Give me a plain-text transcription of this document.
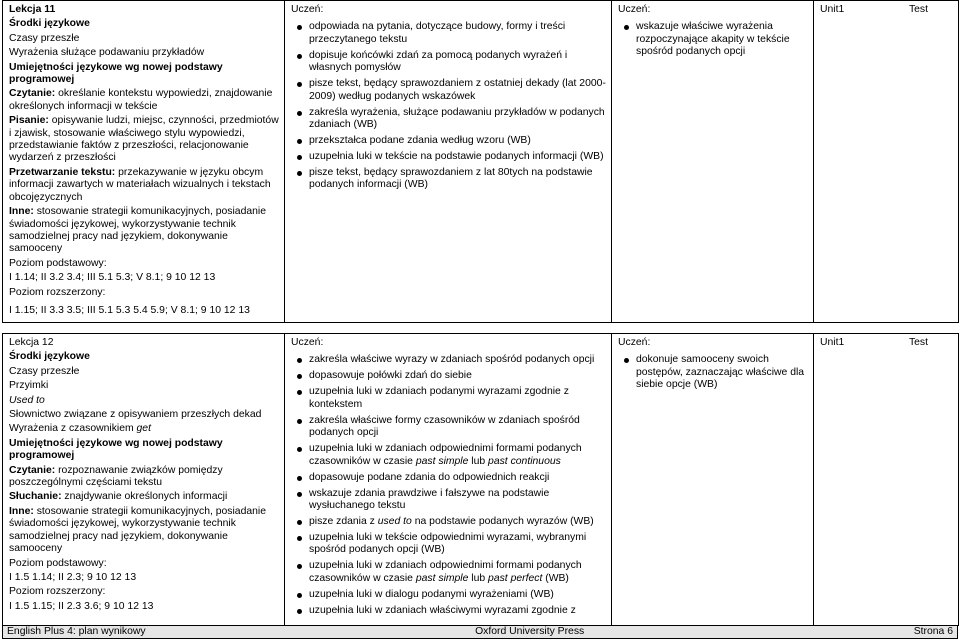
Lekcja 11
Środki językowe
Czasy przeszłe
Wyrażenia służące podawaniu przykładów
Umiejętności językowe wg nowej podstawy programowej
Czytanie: określanie kontekstu wypowiedzi, znajdowanie określonych informacji w tekście
Pisanie: opisywanie ludzi, miejsc, czynności, przedmiotów i zjawisk, stosowanie właściwego stylu wypowiedzi, przedstawianie faktów z przeszłości, relacjonowanie wydarzeń z przeszłości
Przetwarzanie tekstu: przekazywanie w języku obcym informacji zawartych w materiałach wizualnych i tekstach obcojęzycznych
Inne: stosowanie strategii komunikacyjnych, posiadanie świadomości językowej, wykorzystywanie technik samodzielnej pracy nad językiem, dokonywanie samooceny
Poziom podstawowy:
I 1.14; II 3.2 3.4; III 5.1 5.3; V 8.1; 9 10 12 13
Poziom rozszerzony:
I 1.15; II 3.3 3.5; III 5.1 5.3 5.4 5.9; V 8.1; 9 10 12 13

Uczeń:
odpowiada na pytania, dotyczące budowy, formy i treści przeczytanego tekstu
dopisuje końcówki zdań za pomocą podanych wyrażeń i własnych pomysłów
pisze tekst, będący sprawozdaniem z ostatniej dekady (lat 2000-2009) według podanych wskazówek
zakreśla wyrażenia, służące podawaniu przykładów w podanych zdaniach (WB)
przekształca podane zdania według wzoru (WB)
uzupełnia luki w tekście na podstawie podanych informacji (WB)
pisze tekst, będący sprawozdaniem z lat 80tych na podstawie podanych informacji (WB)

Uczeń:
wskazuje właściwe wyrażenia rozpoczynające akapity w tekście spośród podanych opcji

Unit1	Test
Lekcja 12
Środki językowe
Czasy przeszłe
Przyimki
Used to
Słownictwo związane z opisywaniem przeszłych dekad
Wyrażenia z czasownikiem get
Umiejętności językowe wg nowej podstawy programowej
Czytanie: rozpoznawanie związków pomiędzy poszczególnymi częściami tekstu
Słuchanie: znajdywanie określonych informacji
Inne: stosowanie strategii komunikacyjnych, posiadanie świadomości językowej, wykorzystywanie technik samodzielnej pracy nad językiem, dokonywanie samooceny
Poziom podstawowy:
I 1.5 1.14; II 2.3; 9 10 12 13
Poziom rozszerzony:
I 1.5 1.15; II 2.3 3.6; 9 10 12 13

Uczeń:
zakreśla właściwe wyrazy w zdaniach spośród podanych opcji
dopasowuje połówki zdań do siebie
uzupełnia luki w zdaniach podanymi wyrazami zgodnie z kontekstem
zakreśla właściwe formy czasowników w zdaniach spośród podanych opcji
uzupełnia luki w zdaniach odpowiednimi formami podanych czasowników w czasie past simple lub past continuous
dopasowuje podane zdania do odpowiednich reakcji
wskazuje zdania prawdziwe i fałszywe na podstawie wysłuchanego tekstu
pisze zdania z used to na podstawie podanych wyrazów (WB)
uzupełnia luki w tekście odpowiednimi wyrazami, wybranymi spośród podanych opcji (WB)
uzupełnia luki w zdaniach odpowiednimi formami podanych czasowników w czasie past simple lub past perfect (WB)
uzupełnia luki w dialogu podanymi wyrażeniami (WB)
uzupełnia luki w zdaniach właściwymi wyrazami zgodnie z

Uczeń:
dokonuje samooceny swoich postępów, zaznaczając właściwe dla siebie opcje (WB)

Unit1	Test
English Plus 4: plan wynikowy	Oxford University Press	Strona 6
